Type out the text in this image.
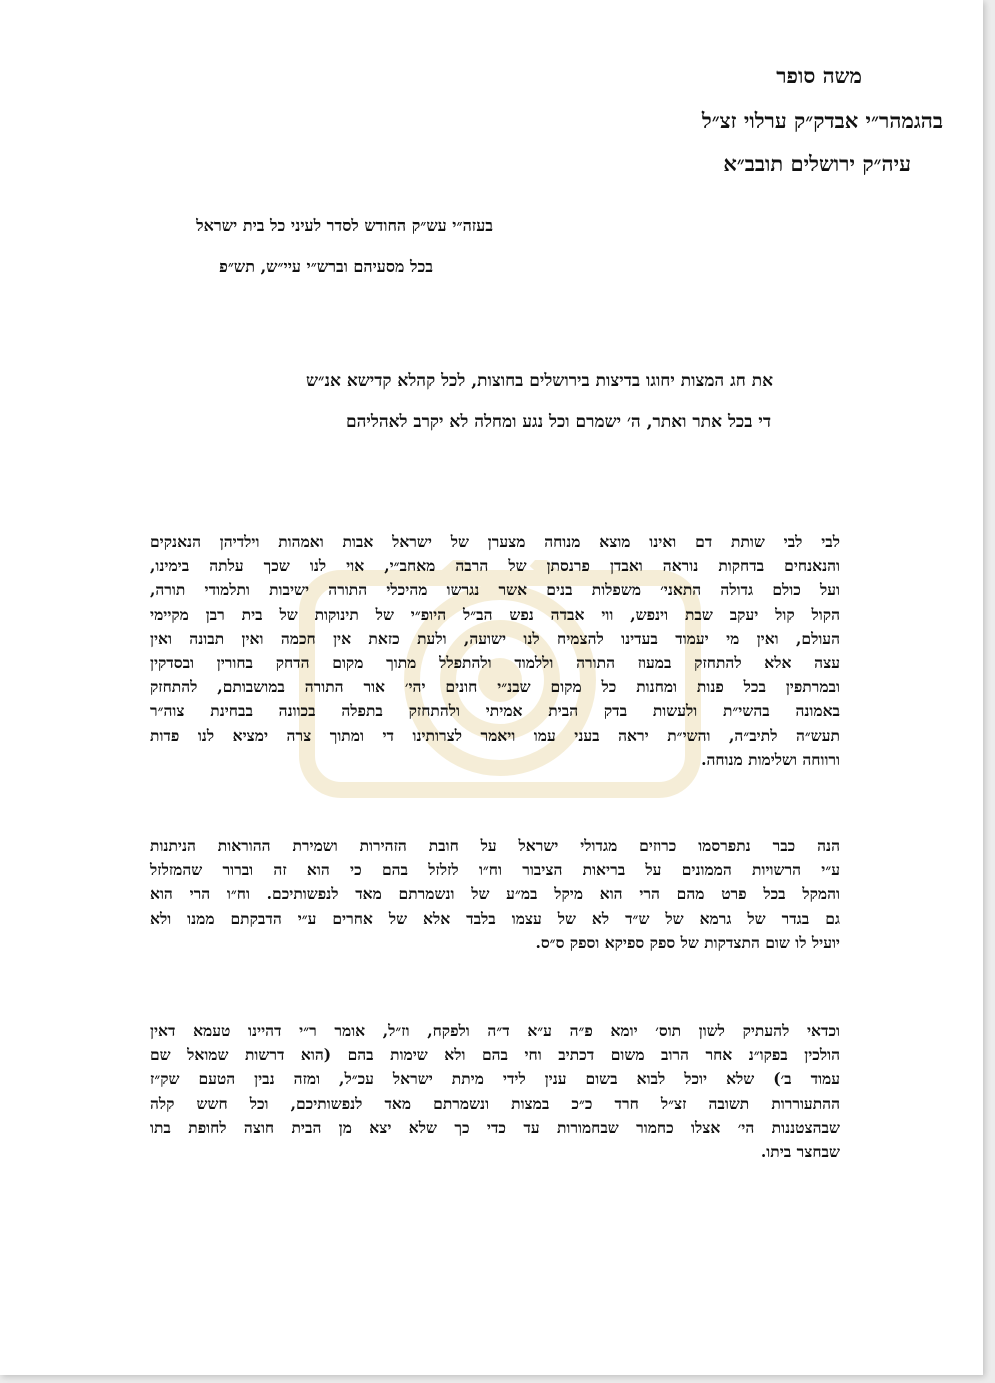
משה סופר

בהגמהר״י אבדק״ק ערלוי זצ״ל

עיה״ק ירושלים תובב״א

בעזה״י עש״ק החודש לסדר לעיני כל בית ישראל

בכל מסעיהם וברש״י עיי״ש, תש״פ

את חג המצות יחוגו בדיצות בירושלים בחוצות, לכל קהלא קדישא אנ״ש

די בכל אתר ואתר, ה׳ ישמרם וכל נגע ומחלה לא יקרב לאהליהם

לבי לבי שותת דם ואינו מוצא מנוחה מצערן של ישראל אבות ואמהות וילדיהן הנאנקים
והנאנחים בדחקות נוראה ואבדן פרנסתן של הרבה מאחב״י, אוי לנו שכך עלתה בימינו,
ועל כולם גדולה התאני׳ משפלות בנים אשר נגרשו מהיכלי התורה ישיבות ותלמודי תורה,
הקול קול יעקב שבת וינפש, ווי אבדה נפש הב״ל היופ״י של תינוקות של בית רבן מקיימי
העולם, ואין מי יעמוד בעדינו להצמיח לנו ישועה, ולעת כזאת אין חכמה ואין תבונה ואין
עצה אלא להתחזק במעוז התורה וללמוד ולהתפלל מתוך מקום הדחק בחורין ובסדקין
ובמרתפין בכל פנות ומחנות כל מקום שבנ״י חונים יהי׳ אור התורה במושבותם, להתחזק
באמונה בהשי״ת ולעשות בדק הבית אמיתי ולהתחזק בתפלה בכוונה בבחינת צוה״ר
תעש״ה לתיב״ה, והשי״ת יראה בעני עמו ויאמר לצרותינו די ומתוך צרה ימציא לנו פדות
ורווחה ושלימות מנוחה.
הנה כבר נתפרסמו כרוזים מגדולי ישראל על חובת הזהירות ושמירת ההוראות הניתנות
ע״י הרשויות הממונים על בריאות הציבור וח״ו לזלזל בהם כי הוא זה וברור שהמזלזל
והמקל בכל פרט מהם הרי הוא מיקל במ״ע של ונשמרתם מאד לנפשותיכם. וח״ו הרי הוא
גם בגדר של גרמא של ש״ד לא של עצמו בלבד אלא של אחרים ע״י הדבקתם ממנו ולא
יועיל לו שום התצדקות של ספק ספיקא וספק ס״ס.
וכדאי להעתיק לשון תוס׳ יומא פ״ה ע״א ד״ה ולפקח, וז״ל, אומר ר״י דהיינו טעמא דאין
הולכין בפקו״נ אחר הרוב משום דכתיב וחי בהם ולא שימות בהם (הוא דרשות שמואל שם
עמוד ב׳) שלא יוכל לבוא בשום ענין לידי מיתת ישראל עכ״ל, ומזה נבין הטעם שק״ז
ההתעוררות תשובה זצ״ל חרד כ״כ במצות ונשמרתם מאד לנפשותיכם, וכל חשש קלה
שבהצטננות הי׳ אצלו כחמור שבחמורות עד כדי כך שלא יצא מן הבית חוצה לחופת בתו
שבחצר ביתו.
